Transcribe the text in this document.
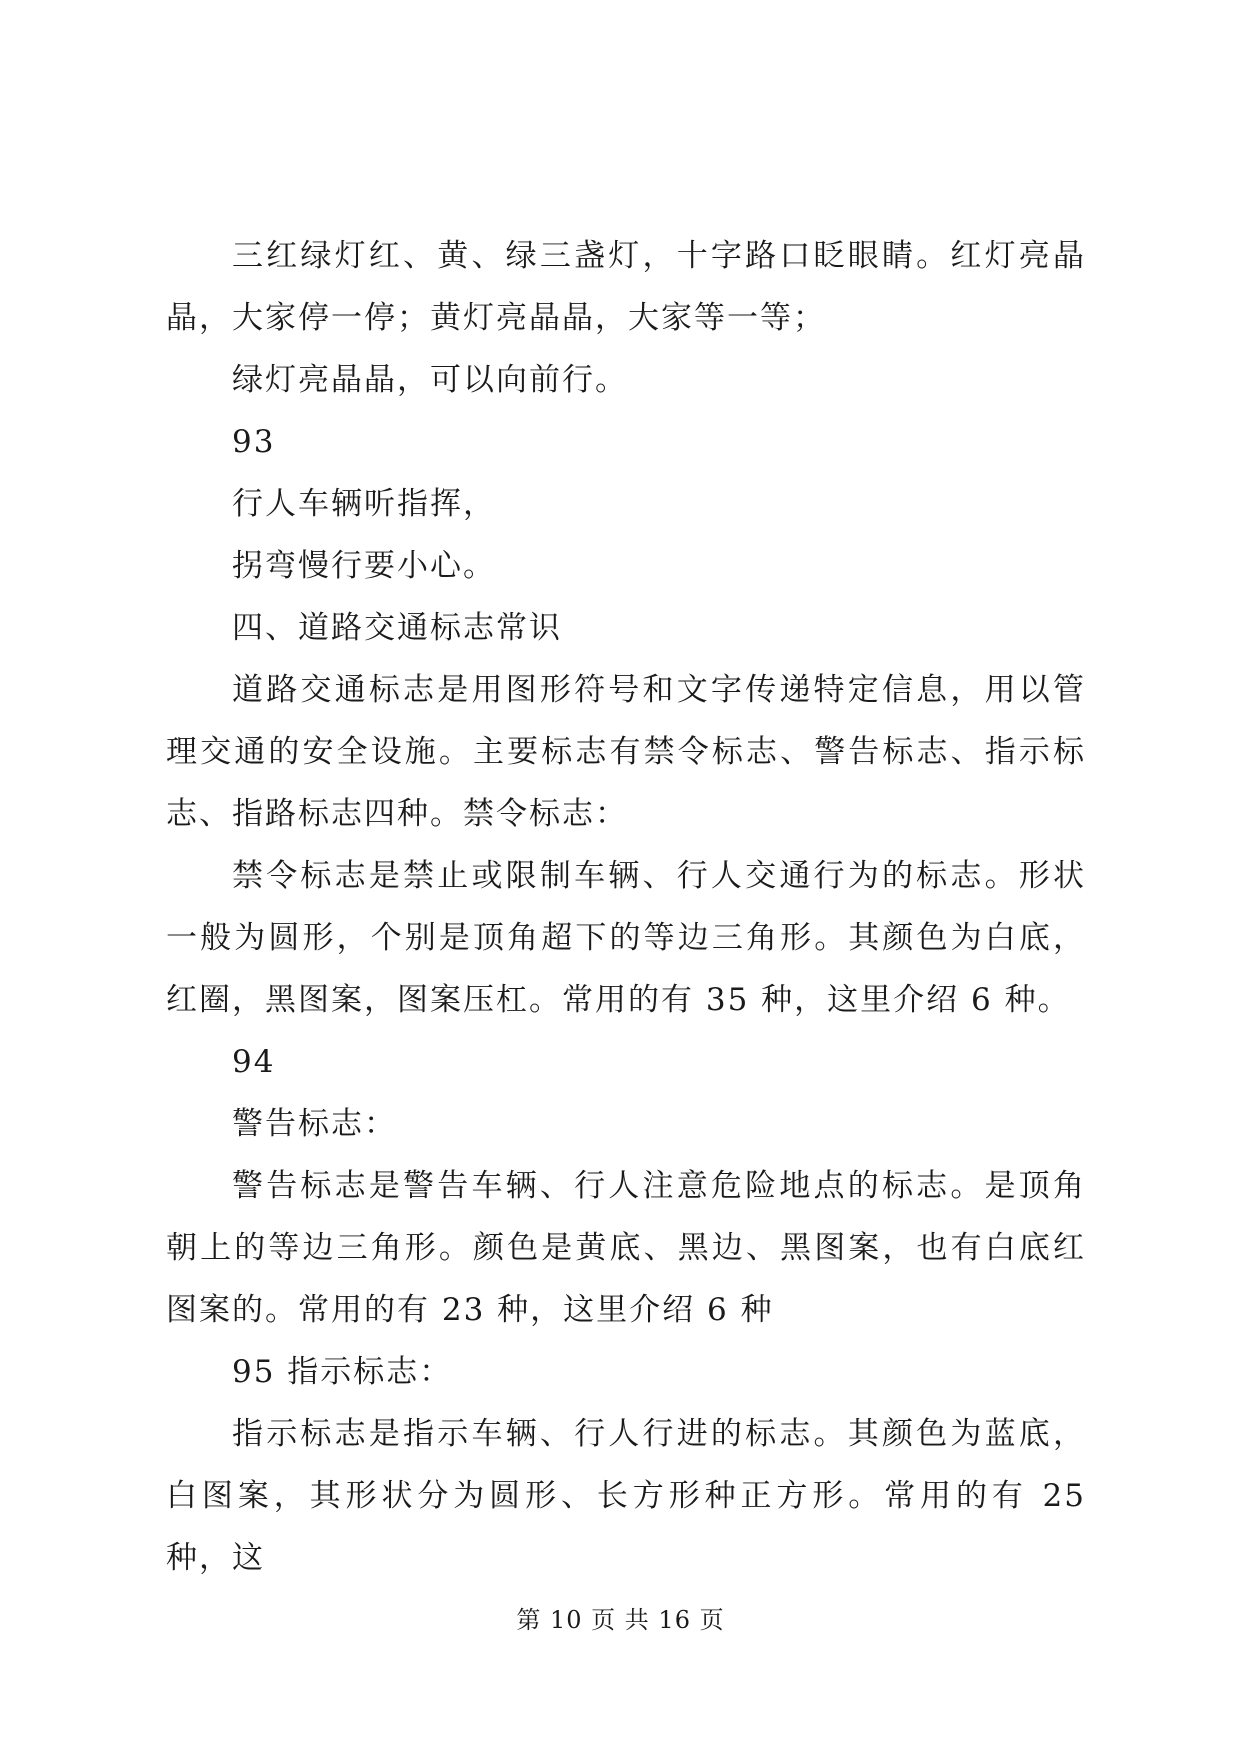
三红绿灯红、黄、绿三盏灯，十字路口眨眼睛。红灯亮晶晶，大家停一停；黄灯亮晶晶，大家等一等；

绿灯亮晶晶，可以向前行。

93

行人车辆听指挥，

拐弯慢行要小心。

四、道路交通标志常识

道路交通标志是用图形符号和文字传递特定信息，用以管理交通的安全设施。主要标志有禁令标志、警告标志、指示标志、指路标志四种。禁令标志：

禁令标志是禁止或限制车辆、行人交通行为的标志。形状一般为圆形，个别是顶角超下的等边三角形。其颜色为白底，红圈，黑图案，图案压杠。常用的有 35 种，这里介绍 6 种。

94

警告标志：

警告标志是警告车辆、行人注意危险地点的标志。是顶角朝上的等边三角形。颜色是黄底、黑边、黑图案，也有白底红图案的。常用的有 23 种，这里介绍 6 种

95 指示标志：

指示标志是指示车辆、行人行进的标志。其颜色为蓝底，白图案，其形状分为圆形、长方形种正方形。常用的有 25 种，这

第 10 页 共 16 页
